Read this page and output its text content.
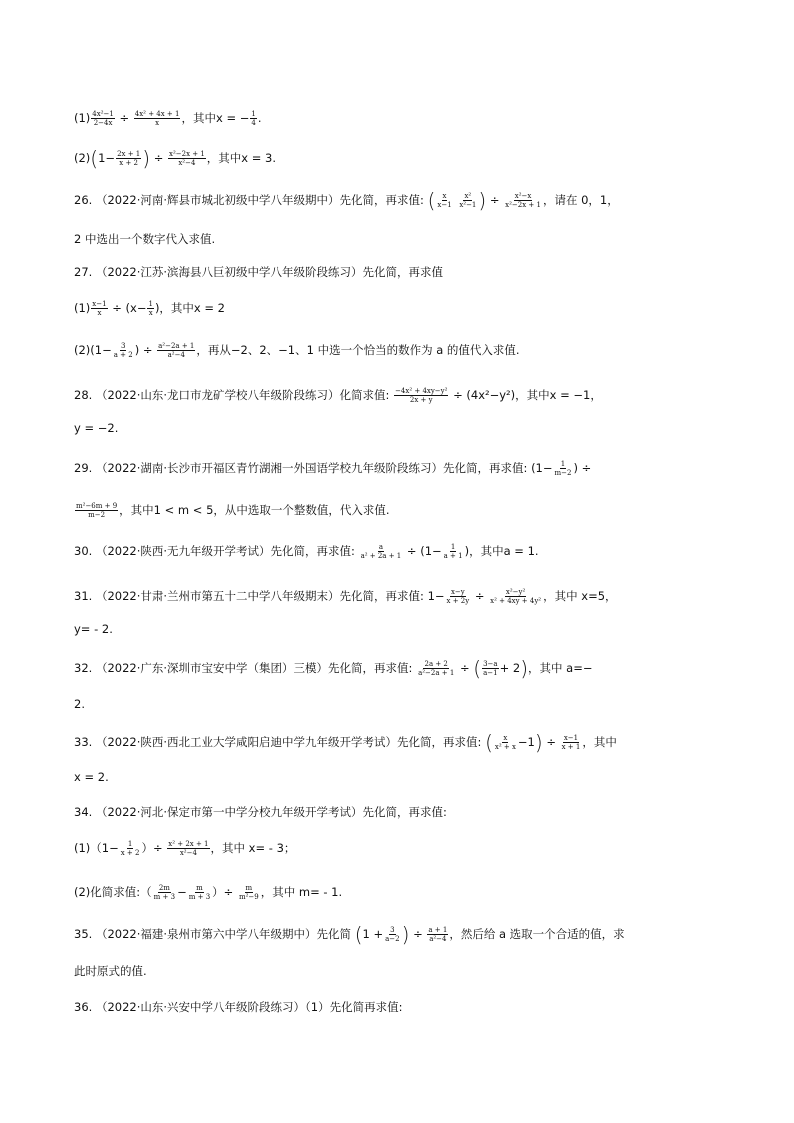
$(1) \frac{\text{4x²−1}}{2-4x} \div \frac{\text{4x² + 4x + 1}}{x}$ ，其中x = − $\frac{1}{4}$ .
$(2)(1- \frac{2x + 1}{x + 2}$ ) ÷ $\frac{\text{x²−2x + 1}}{\text{x²−4}}$ ，其中x = 3.
26. （2022·河南·辉县市城北初级中学八年级期中）先化简，再求值: ( $\frac{x}{x-1}$
$\frac{\text{x²}}{\text{x²−1}}$ ) ÷ $\frac{\text{x²−x}}{\text{x²−2x + 1}}$ ，请在 0，1，
2 中选出一个数字代入求值.
27. （2022·江苏·滨海县八巨初级中学八年级阶段练习）先化简，再求值
$(1) \frac{x-1}{x} \div (x- \frac{1}{x}$ )，其中x = 2
$(2)(1- \frac{3}{a + 2}$ ) ÷ $\frac{\text{a²−2a + 1}}{\text{a²−4}}$ ，再从−2、2、−1、1 中选一个恰当的数作为 a 的值代入求值.
28. （2022·山东·龙口市龙矿学校八年级阶段练习）化简求值: $\frac{\text{−4x² + 4xy−y²}}{2x + y} \div (4x^2-y^2)$，其中x = −1，
y = −2.
29. （2022·湖南·长沙市开福区青竹湖湘一外国语学校九年级阶段练习）先化简，再求值: ($1- \frac{1}{m-2}$ ) ÷
$\frac{\text{m²−6m + 9}}{m-2}$ ，其中1 < m < 5，从中选取一个整数值，代入求值.
30. （2022·陕西·无九年级开学考试）先化简，再求值: $\frac{a}{\text{a² + 2a + 1}} \div (1- \frac{1}{a + 1}$ )，其中a = 1.
31. （2022·甘肃·兰州市第五十二中学八年级期末）先化简，再求值: $1- \frac{x-y}{x + 2y} \div \frac{\text{x²−y²}}{\text{x² + 4xy + 4y²}}$ ，其中 x=5，
y= - 2.
32. （2022·广东·深圳市宝安中学（集团）三模）先化简，再求值: $\frac{2a + 2}{\text{a²−2a + 1}}$ ÷ ( $\frac{3-a}{a-1} + 2$)，其中 a=−
2.
33. （2022·陕西·西北工业大学咸阳启迪中学九年级开学考试）先化简，再求值: ( $\frac{x}{\text{x² + x}} -1) \div \frac{x-1}{x + 1}$ ，其中
x = 2.
34. （2022·河北·保定市第一中学分校九年级开学考试）先化简，再求值:
$(1)(1- \frac{1}{x + 2}$ ）÷ $\frac{\text{x² + 2x + 1}}{\text{x²−4}}$ ，其中 x= - 3；
(2)化简求值:（ $\frac{2m}{m + 3} - \frac{m}{m + 3}$ ）÷ $\frac{m}{\text{m²−9}}$ ，其中 m= - 1.
35. （2022·福建·泉州市第六中学八年级期中）先化简 ($1 + \frac{3}{a-2}$ ) ÷ $\frac{a + 1}{\text{a²−4}}$ ，然后给 a 选取一个合适的值，求
此时原式的值.
36. （2022·山东·兴安中学八年级阶段练习）（1）先化简再求值:
